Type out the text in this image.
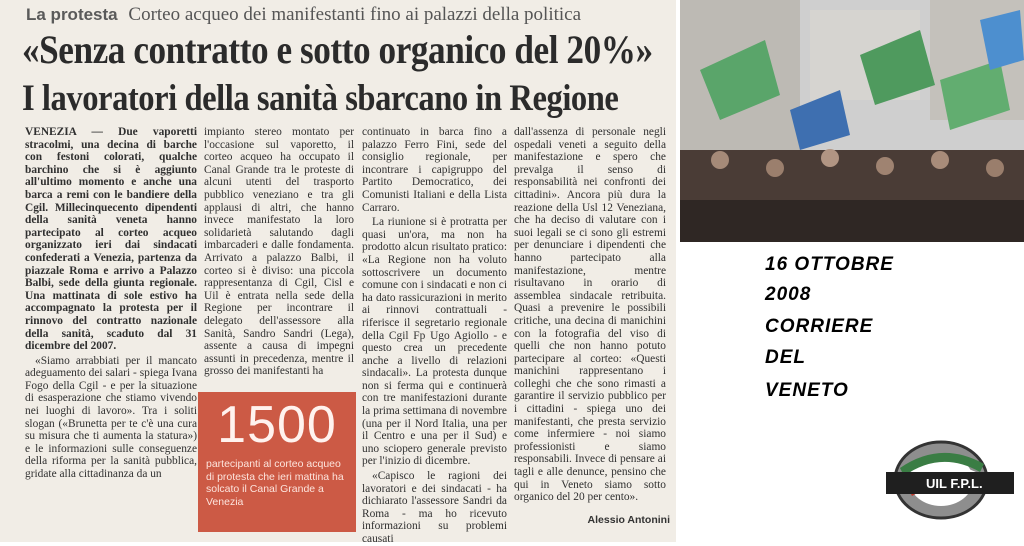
La protesta Corteo acqueo dei manifestanti fino ai palazzi della politica
«Senza contratto e sotto organico del 20%»
I lavoratori della sanità sbarcano in Regione

VENEZIA — Due vaporetti stracolmi, una decina di barche con festoni colorati, qualche barchino che si è aggiunto all'ultimo momento e anche una barca a remi con le bandiere della Cgil. Millecinquecento dipendenti della sanità veneta hanno partecipato al corteo acqueo organizzato ieri dai sindacati confederati a Venezia, partenza da piazzale Roma e arrivo a Palazzo Balbi, sede della giunta regionale. Una mattinata di sole estivo ha accompagnato la protesta per il rinnovo del contratto nazionale della sanità, scaduto dal 31 dicembre del 2007.

«Siamo arrabbiati per il mancato adeguamento dei salari - spiega Ivana Fogo della Cgil - e per la situazione di esasperazione che stiamo vivendo nei luoghi di lavoro». Tra i soliti slogan («Brunetta per te c'è una cura su misura che ti aumenta la statura») e le informazioni sulle conseguenze della riforma per la sanità pubblica, gridate alla cittadinanza da un

impianto stereo montato per l'occasione sul vaporetto, il corteo acqueo ha occupato il Canal Grande tra le proteste di alcuni utenti del trasporto pubblico veneziano e tra gli applausi di altri, che hanno invece manifestato la loro solidarietà salutando dagli imbarcaderi e dalle fondamenta. Arrivato a palazzo Balbi, il corteo si è diviso: una piccola rappresentanza di Cgil, Cisl e Uil è entrata nella sede della Regione per incontrare il delegato dell'assessore alla Sanità, Sandro Sandri (Lega), assente a causa di impegni assunti in precedenza, mentre il grosso dei manifestanti ha

continuato in barca fino a palazzo Ferro Fini, sede del consiglio regionale, per incontrare i capigruppo del Partito Democratico, dei Comunisti Italiani e della Lista Carraro.

La riunione si è protratta per quasi un'ora, ma non ha prodotto alcun risultato pratico: «La Regione non ha voluto sottoscrivere un documento comune con i sindacati e non ci ha dato rassicurazioni in merito ai rinnovi contrattuali - riferisce il segretario regionale della Cgil Fp Ugo Agiollo - e questo crea un precedente anche a livello di relazioni sindacali». La protesta dunque non si ferma qui e continuerà con tre manifestazioni durante la prima settimana di novembre (una per il Nord Italia, una per il Centro e una per il Sud) e uno sciopero generale previsto per l'inizio di dicembre.

«Capisco le ragioni dei lavoratori e dei sindacati - ha dichiarato l'assessore Sandri da Roma - ma ho ricevuto informazioni su problemi causati

dall'assenza di personale negli ospedali veneti a seguito della manifestazione e spero che prevalga il senso di responsabilità nei confronti dei cittadini». Ancora più dura la reazione della Usl 12 Veneziana, che ha deciso di valutare con i suoi legali se ci sono gli estremi per denunciare i dipendenti che hanno partecipato alla manifestazione, mentre risultavano in orario di assemblea sindacale retribuita. Quasi a prevenire le possibili critiche, una decina di manichini con la fotografia del viso di quelli che non hanno potuto partecipare al corteo: «Questi manichini rappresentano i colleghi che che sono rimasti a garantire il servizio pubblico per i cittadini - spiega uno dei manifestanti, che presta servizio come infermiere - noi siamo professionisti e siamo responsabili. Invece di pensare ai tagli e alle denunce, pensino che qui in Veneto siamo sotto organico del 20 per cento».

Alessio Antonini
1500
partecipanti al corteo acqueo di protesta che ieri mattina ha solcato il Canal Grande a Venezia
16 OTTOBRE
2008
CORRIERE
DEL
VENETO
UIL F.P.L.
